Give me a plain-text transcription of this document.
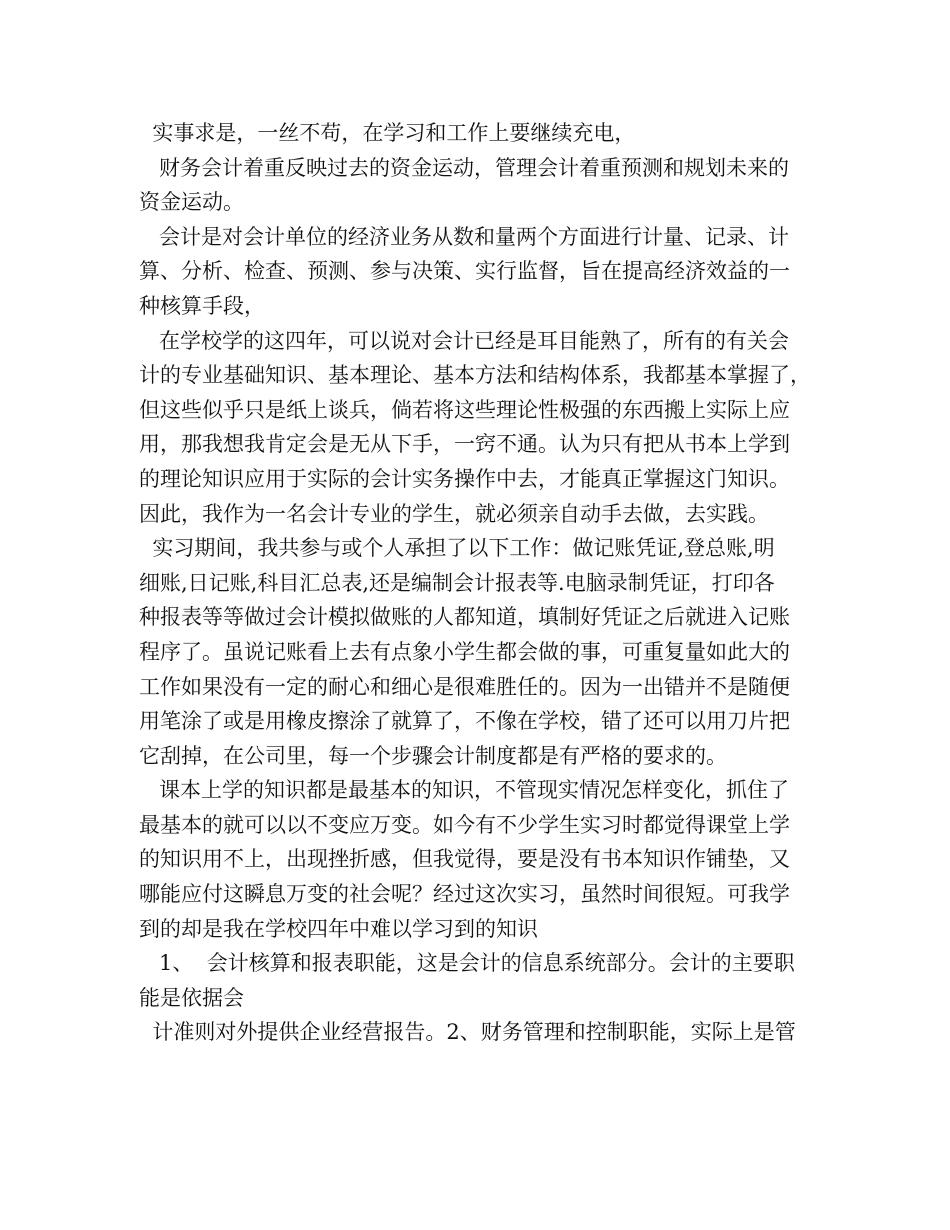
实事求是，一丝不苟，在学习和工作上要继续充电，
财务会计着重反映过去的资金运动，管理会计着重预测和规划未来的
资金运动。
会计是对会计单位的经济业务从数和量两个方面进行计量、记录、计
算、分析、检查、预测、参与决策、实行监督，旨在提高经济效益的一
种核算手段，
在学校学的这四年，可以说对会计已经是耳目能熟了，所有的有关会
计的专业基础知识、基本理论、基本方法和结构体系，我都基本掌握了，
但这些似乎只是纸上谈兵，倘若将这些理论性极强的东西搬上实际上应
用，那我想我肯定会是无从下手，一窍不通。认为只有把从书本上学到
的理论知识应用于实际的会计实务操作中去，才能真正掌握这门知识。
因此，我作为一名会计专业的学生，就必须亲自动手去做，去实践。
实习期间，我共参与或个人承担了以下工作：做记账凭证,登总账,明
细账,日记账,科目汇总表,还是编制会计报表等.电脑录制凭证，打印各
种报表等等做过会计模拟做账的人都知道，填制好凭证之后就进入记账
程序了。虽说记账看上去有点象小学生都会做的事，可重复量如此大的
工作如果没有一定的耐心和细心是很难胜任的。因为一出错并不是随便
用笔涂了或是用橡皮擦涂了就算了，不像在学校，错了还可以用刀片把
它刮掉，在公司里，每一个步骤会计制度都是有严格的要求的。
课本上学的知识都是最基本的知识，不管现实情况怎样变化，抓住了
最基本的就可以以不变应万变。如今有不少学生实习时都觉得课堂上学
的知识用不上，出现挫折感，但我觉得，要是没有书本知识作铺垫，又
哪能应付这瞬息万变的社会呢？经过这次实习，虽然时间很短。可我学
到的却是我在学校四年中难以学习到的知识
1、  会计核算和报表职能，这是会计的信息系统部分。会计的主要职
能是依据会
计准则对外提供企业经营报告。2、财务管理和控制职能，实际上是管
